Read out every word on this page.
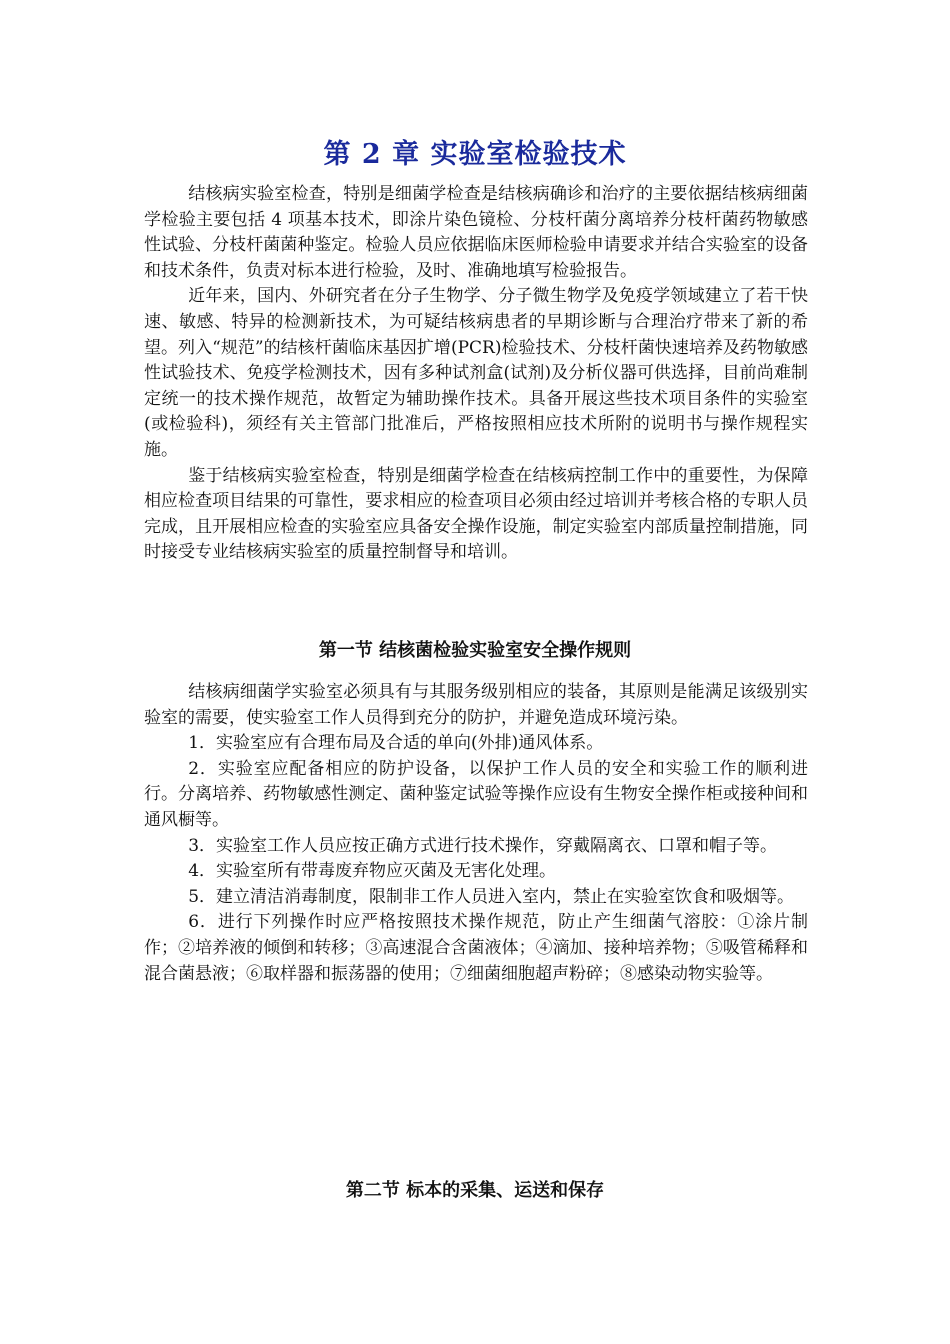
第 2 章 实验室检验技术

结核病实验室检查，特别是细菌学检查是结核病确诊和治疗的主要依据结核病细菌学检验主要包括 4 项基本技术，即涂片染色镜检、分枝杆菌分离培养分枝杆菌药物敏感性试验、分枝杆菌菌种鉴定。检验人员应依据临床医师检验申请要求并结合实验室的设备和技术条件，负责对标本进行检验，及时、准确地填写检验报告。

近年来，国内、外研究者在分子生物学、分子微生物学及免疫学领域建立了若干快速、敏感、特异的检测新技术，为可疑结核病患者的早期诊断与合理治疗带来了新的希望。列入“规范”的结核杆菌临床基因扩增(PCR)检验技术、分枝杆菌快速培养及药物敏感性试验技术、免疫学检测技术，因有多种试剂盒(试剂)及分析仪器可供选择，目前尚难制定统一的技术操作规范，故暂定为辅助操作技术。具备开展这些技术项目条件的实验室(或检验科)，须经有关主管部门批准后，严格按照相应技术所附的说明书与操作规程实施。

鉴于结核病实验室检查，特别是细菌学检查在结核病控制工作中的重要性，为保障相应检查项目结果的可靠性，要求相应的检查项目必须由经过培训并考核合格的专职人员完成，且开展相应检查的实验室应具备安全操作设施，制定实验室内部质量控制措施，同时接受专业结核病实验室的质量控制督导和培训。

第一节 结核菌检验实验室安全操作规则

结核病细菌学实验室必须具有与其服务级别相应的装备，其原则是能满足该级别实验室的需要，使实验室工作人员得到充分的防护，并避免造成环境污染。

1．实验室应有合理布局及合适的单向(外排)通风体系。

2．实验室应配备相应的防护设备，以保护工作人员的安全和实验工作的顺利进行。分离培养、药物敏感性测定、菌种鉴定试验等操作应设有生物安全操作柜或接种间和通风橱等。

3．实验室工作人员应按正确方式进行技术操作，穿戴隔离衣、口罩和帽子等。

4．实验室所有带毒废弃物应灭菌及无害化处理。

5．建立清洁消毒制度，限制非工作人员进入室内，禁止在实验室饮食和吸烟等。

6．进行下列操作时应严格按照技术操作规范，防止产生细菌气溶胶：①涂片制作；②培养液的倾倒和转移；③高速混合含菌液体；④滴加、接种培养物；⑤吸管稀释和混合菌悬液；⑥取样器和振荡器的使用；⑦细菌细胞超声粉碎；⑧感染动物实验等。

第二节 标本的采集、运送和保存
